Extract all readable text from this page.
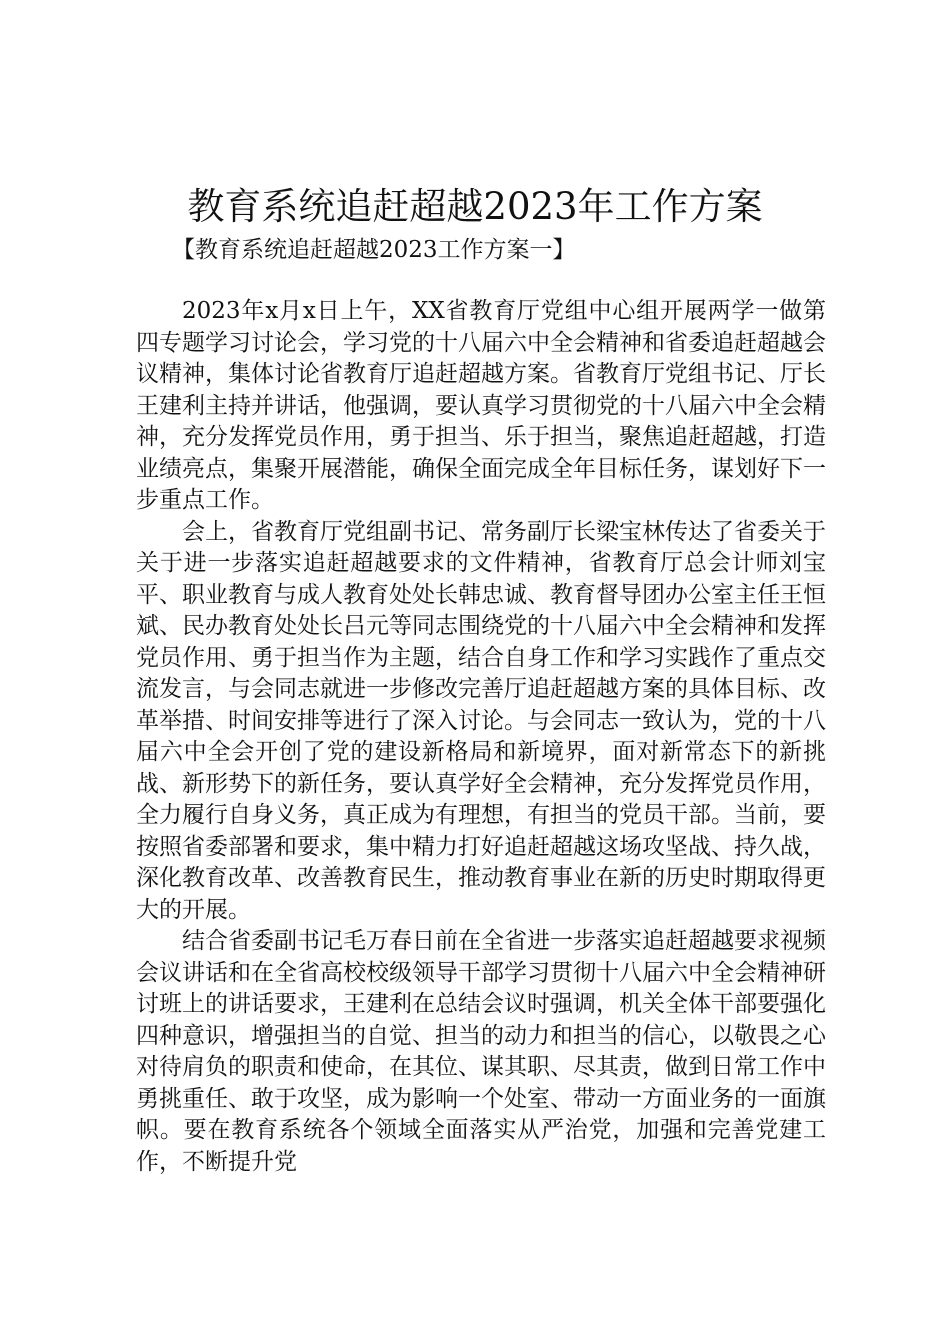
教育系统追赶超越2023年工作方案
【教育系统追赶超越2023工作方案一】

2023年x月x日上午，XX省教育厅党组中心组开展两学一做第四专题学习讨论会，学习党的十八届六中全会精神和省委追赶超越会议精神，集体讨论省教育厅追赶超越方案。省教育厅党组书记、厅长王建利主持并讲话，他强调，要认真学习贯彻党的十八届六中全会精神，充分发挥党员作用，勇于担当、乐于担当，聚焦追赶超越，打造业绩亮点，集聚开展潜能，确保全面完成全年目标任务，谋划好下一步重点工作。

会上，省教育厅党组副书记、常务副厅长梁宝林传达了省委关于关于进一步落实追赶超越要求的文件精神，省教育厅总会计师刘宝平、职业教育与成人教育处处长韩忠诚、教育督导团办公室主任王恒斌、民办教育处处长吕元等同志围绕党的十八届六中全会精神和发挥党员作用、勇于担当作为主题，结合自身工作和学习实践作了重点交流发言，与会同志就进一步修改完善厅追赶超越方案的具体目标、改革举措、时间安排等进行了深入讨论。与会同志一致认为，党的十八届六中全会开创了党的建设新格局和新境界，面对新常态下的新挑战、新形势下的新任务，要认真学好全会精神，充分发挥党员作用，全力履行自身义务，真正成为有理想，有担当的党员干部。当前，要按照省委部署和要求，集中精力打好追赶超越这场攻坚战、持久战，深化教育改革、改善教育民生，推动教育事业在新的历史时期取得更大的开展。

结合省委副书记毛万春日前在全省进一步落实追赶超越要求视频会议讲话和在全省高校校级领导干部学习贯彻十八届六中全会精神研讨班上的讲话要求，王建利在总结会议时强调，机关全体干部要强化四种意识，增强担当的自觉、担当的动力和担当的信心，以敬畏之心对待肩负的职责和使命，在其位、谋其职、尽其责，做到日常工作中勇挑重任、敢于攻坚，成为影响一个处室、带动一方面业务的一面旗帜。要在教育系统各个领域全面落实从严治党，加强和完善党建工作，不断提升党
